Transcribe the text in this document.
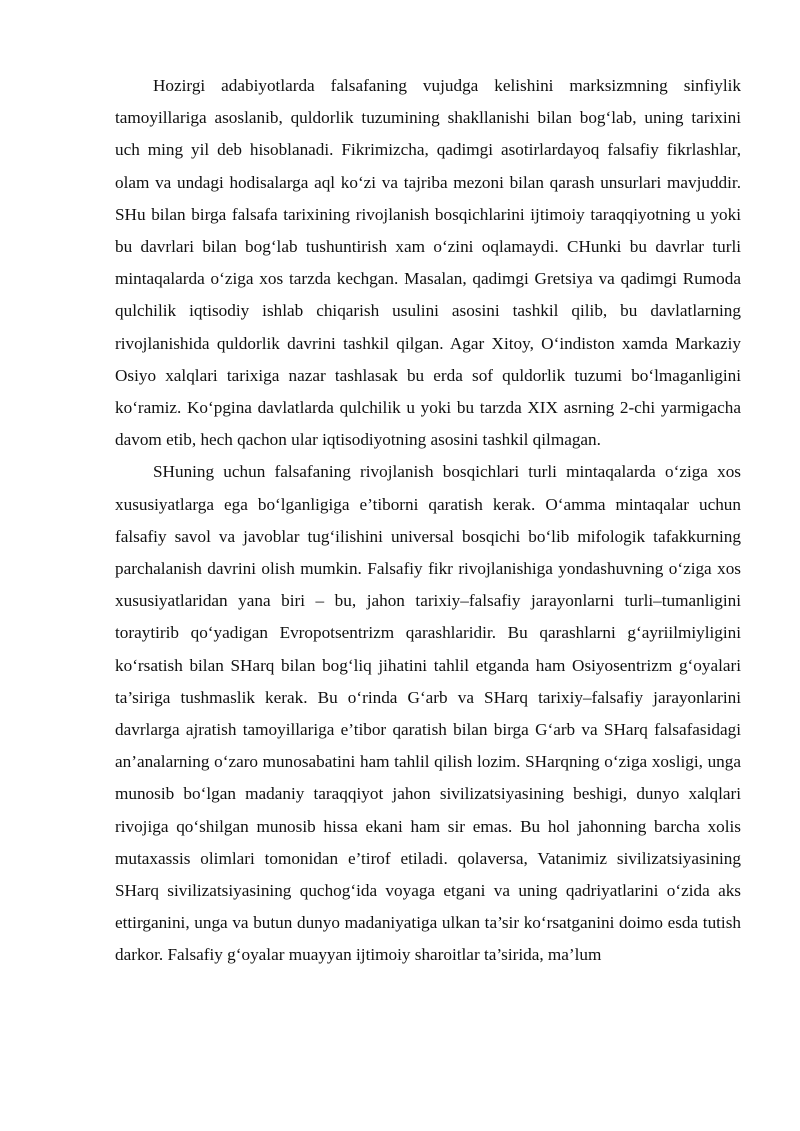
Hozirgi adabiyotlarda falsafaning vujudga kelishini marksizmning sinfiylik tamoyillariga asoslanib, quldorlik tuzumining shakllanishi bilan bog‘lab, uning tarixini uch ming yil deb hisoblanadi. Fikrimizcha, qadimgi asotirlardayoq falsafiy fikrlashlar, olam va undagi hodisalarga aql ko‘zi va tajriba mezoni bilan qarash unsurlari mavjuddir. SHu bilan birga falsafa tarixining rivojlanish bosqichlarini ijtimoiy taraqqiyotning u yoki bu davrlari bilan bog‘lab tushuntirish xam o‘zini oqlamaydi. CHunki bu davrlar turli mintaqalarda o‘ziga xos tarzda kechgan. Masalan, qadimgi Gretsiya va qadimgi Rumoda qulchilik iqtisodiy ishlab chiqarish usulini asosini tashkil qilib, bu davlatlarning rivojlanishida quldorlik davrini tashkil qilgan. Agar Xitoy, O‘indiston xamda Markaziy Osiyo xalqlari tarixiga nazar tashlasak bu erda sof quldorlik tuzumi bo‘lmaganligini ko‘ramiz. Ko‘pgina davlatlarda qulchilik u yoki bu tarzda XIX asrning 2-chi yarmigacha davom etib, hech qachon ular iqtisodiyotning asosini tashkil qilmagan.

SHuning uchun falsafaning rivojlanish bosqichlari turli mintaqalarda o‘ziga xos xususiyatlarga ega bo‘lganligiga e’tiborni qaratish kerak. O‘amma mintaqalar uchun falsafiy savol va javoblar tug‘ilishini universal bosqichi bo‘lib mifologik tafakkurning parchalanish davrini olish mumkin. Falsafiy fikr rivojlanishiga yondashuvning o‘ziga xos xususiyatlaridan yana biri – bu, jahon tarixiy–falsafiy jarayonlarni turli–tumanligini toraytirib qo‘yadigan Evropotsentrizm qarashlaridir. Bu qarashlarni g‘ayriilmiyligini ko‘rsatish bilan SHarq bilan bog‘liq jihatini tahlil etganda ham Osiyosentrizm g‘oyalari ta’siriga tushmaslik kerak. Bu o‘rinda G‘arb va SHarq tarixiy–falsafiy jarayonlarini davrlarga ajratish tamoyillariga e’tibor qaratish bilan birga G‘arb va SHarq falsafasidagi an’analarning o‘zaro munosabatini ham tahlil qilish lozim. SHarqning o‘ziga xosligi, unga munosib bo‘lgan madaniy taraqqiyot jahon sivilizatsiyasining beshigi, dunyo xalqlari rivojiga qo‘shilgan munosib hissa ekani ham sir emas. Bu hol jahonning barcha xolis mutaxassis olimlari tomonidan e’tirof etiladi. qolaversa, Vatanimiz sivilizatsiyasining SHarq sivilizatsiyasining quchog‘ida voyaga etgani va uning qadriyatlarini o‘zida aks ettirganini, unga va butun dunyo madaniyatiga ulkan ta’sir ko‘rsatganini doimo esda tutish darkor. Falsafiy g‘oyalar muayyan ijtimoiy sharoitlar ta’sirida, ma’lum
